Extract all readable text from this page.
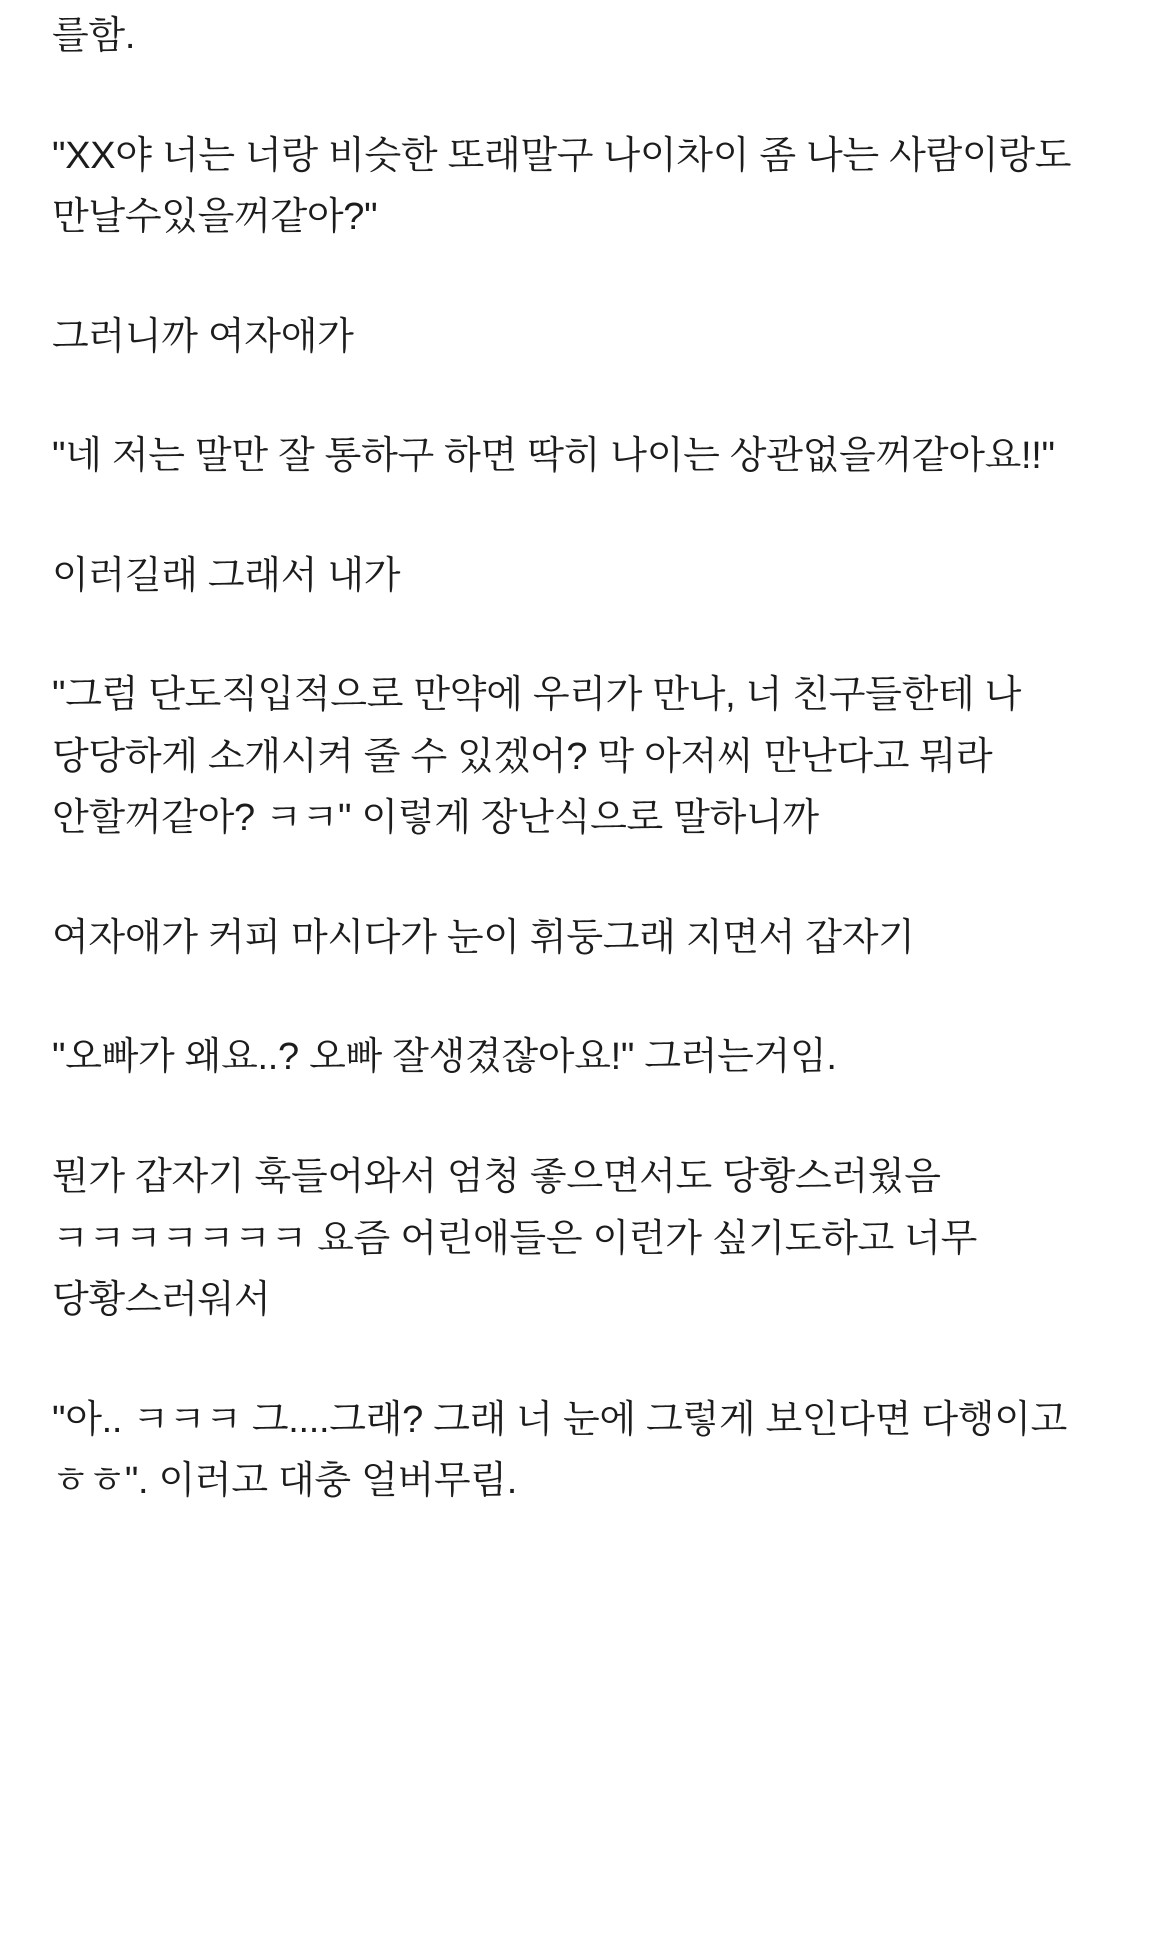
를함.

"XX야 너는 너랑 비슷한 또래말구 나이차이 좀 나는 사람이랑도 만날수있을꺼같아?"

그러니까 여자애가

"네 저는 말만 잘 통하구 하면 딱히 나이는 상관없을꺼같아요!!"

이러길래 그래서 내가

"그럼 단도직입적으로 만약에 우리가 만나, 너 친구들한테 나 당당하게 소개시켜 줄 수 있겠어? 막 아저씨 만난다고 뭐라 안할꺼같아? ㅋㅋ" 이렇게 장난식으로 말하니까

여자애가 커피 마시다가 눈이 휘둥그래 지면서 갑자기

"오빠가 왜요..? 오빠 잘생겼잖아요!" 그러는거임.

뭔가 갑자기 훅들어와서 엄청 좋으면서도 당황스러웠음 ㅋㅋㅋㅋㅋㅋㅋ 요즘 어린애들은 이런가 싶기도하고 너무 당황스러워서

"아.. ㅋㅋㅋ 그....그래? 그래 너 눈에 그렇게 보인다면 다행이고 ㅎㅎ". 이러고 대충 얼버무림.
